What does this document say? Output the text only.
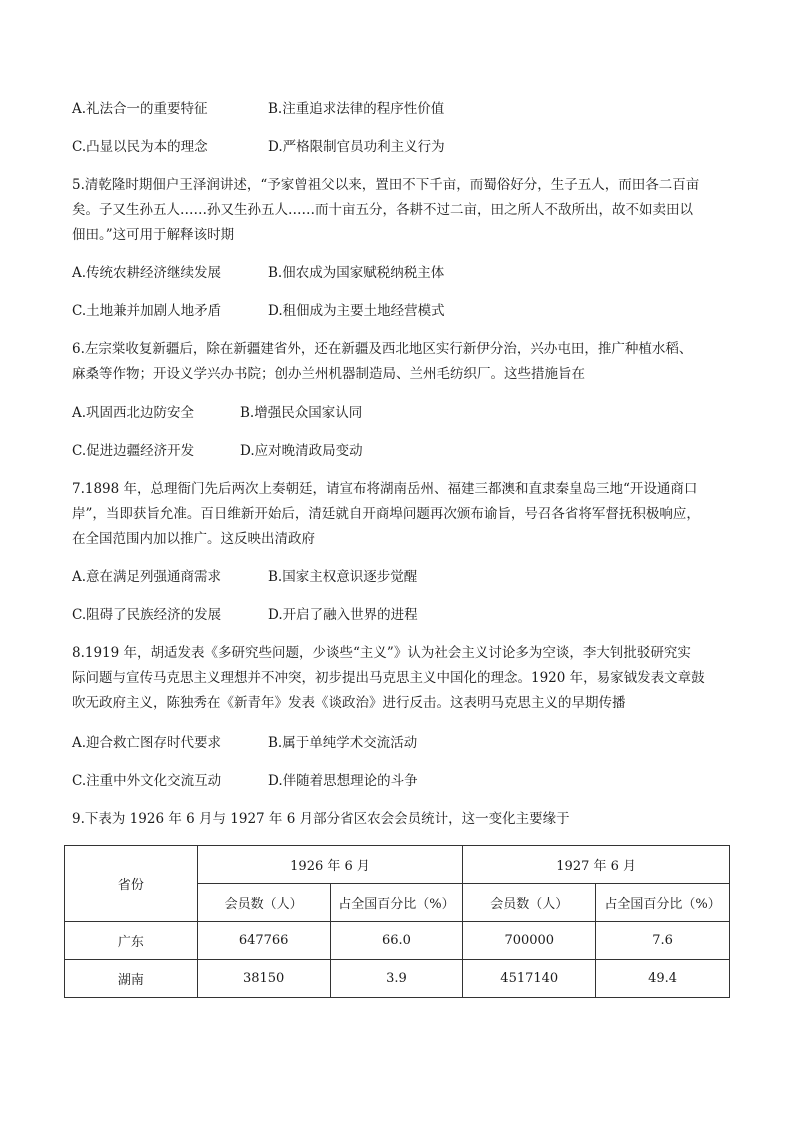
A.礼法合一的重要特征	B.注重追求法律的程序性价值
C.凸显以民为本的理念	D.严格限制官员功利主义行为
5.清乾隆时期佃户王泽润讲述，“予家曾祖父以来，置田不下千亩，而蜀俗好分，生子五人，而田各二百亩
矣。子又生孙五人……孙又生孙五人……而十亩五分，各耕不过二亩，田之所人不敌所出，故不如卖田以
佃田。”这可用于解释该时期
A.传统农耕经济继续发展	B.佃农成为国家赋税纳税主体
C.土地兼并加剧人地矛盾	D.租佃成为主要土地经营模式
6.左宗棠收复新疆后，除在新疆建省外，还在新疆及西北地区实行新伊分治，兴办屯田，推广种植水稻、
麻桑等作物；开设义学兴办书院；创办兰州机器制造局、兰州毛纺织厂。这些措施旨在
A.巩固西北边防安全	B.增强民众国家认同
C.促进边疆经济开发	D.应对晚清政局变动
7.1898 年，总理衙门先后两次上奏朝廷，请宣布将湖南岳州、福建三都澳和直隶秦皇岛三地“开设通商口
岸”，当即获旨允准。百日维新开始后，清廷就自开商埠问题再次颁布谕旨，号召各省将军督抚积极响应，
在全国范围内加以推广。这反映出清政府
A.意在满足列强通商需求	B.国家主权意识逐步觉醒
C.阻碍了民族经济的发展	D.开启了融入世界的进程
8.1919 年，胡适发表《多研究些问题，少谈些“主义”》认为社会主义讨论多为空谈，李大钊批驳研究实
际问题与宣传马克思主义理想并不冲突，初步提出马克思主义中国化的理念。1920 年，易家钺发表文章鼓
吹无政府主义，陈独秀在《新青年》发表《谈政治》进行反击。这表明马克思主义的早期传播
A.迎合救亡图存时代要求	B.属于单纯学术交流活动
C.注重中外文化交流互动	D.伴随着思想理论的斗争
9.下表为 1926 年 6 月与 1927 年 6 月部分省区农会会员统计，这一变化主要缘于
省份	1926 年 6 月		1927 年 6 月	
	会员数（人）	占全国百分比（%）	会员数（人）	占全国百分比（%）
广东	647766	66.0	700000	7.6
湖南	38150	3.9	4517140	49.4
